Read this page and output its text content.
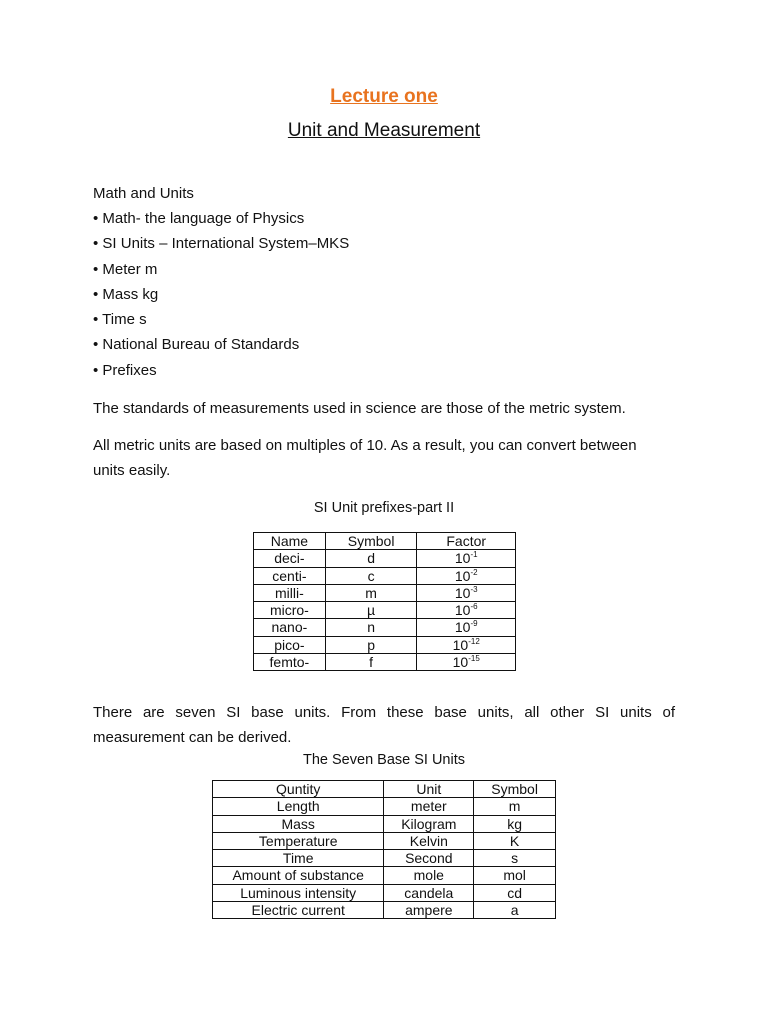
Lecture one
Unit and Measurement
Math and Units
• Math- the language of Physics
• SI Units – International System–MKS
• Meter m
• Mass kg
• Time s
• National Bureau of Standards
• Prefixes

The standards of measurements used in science are those of the metric system.

All metric units are based on multiples of 10. As a result, you can convert between units easily.

SI Unit prefixes-part II
Name	Symbol	Factor
deci-	d	$10^{-1}$
centi-	c	$10^{-2}$
milli-	m	$10^{-3}$
micro-	µ	$10^{-6}$
nano-	n	$10^{-9}$
pico-	p	$10^{-12}$
femto-	f	$10^{-15}$

There are seven SI base units. From these base units, all other SI units of measurement can be derived.

The Seven Base SI Units
Quntity	Unit	Symbol
Length	meter	m
Mass	Kilogram	kg
Temperature	Kelvin	K
Time	Second	s
Amount of substance	mole	mol
Luminous intensity	candela	cd
Electric current	ampere	a
